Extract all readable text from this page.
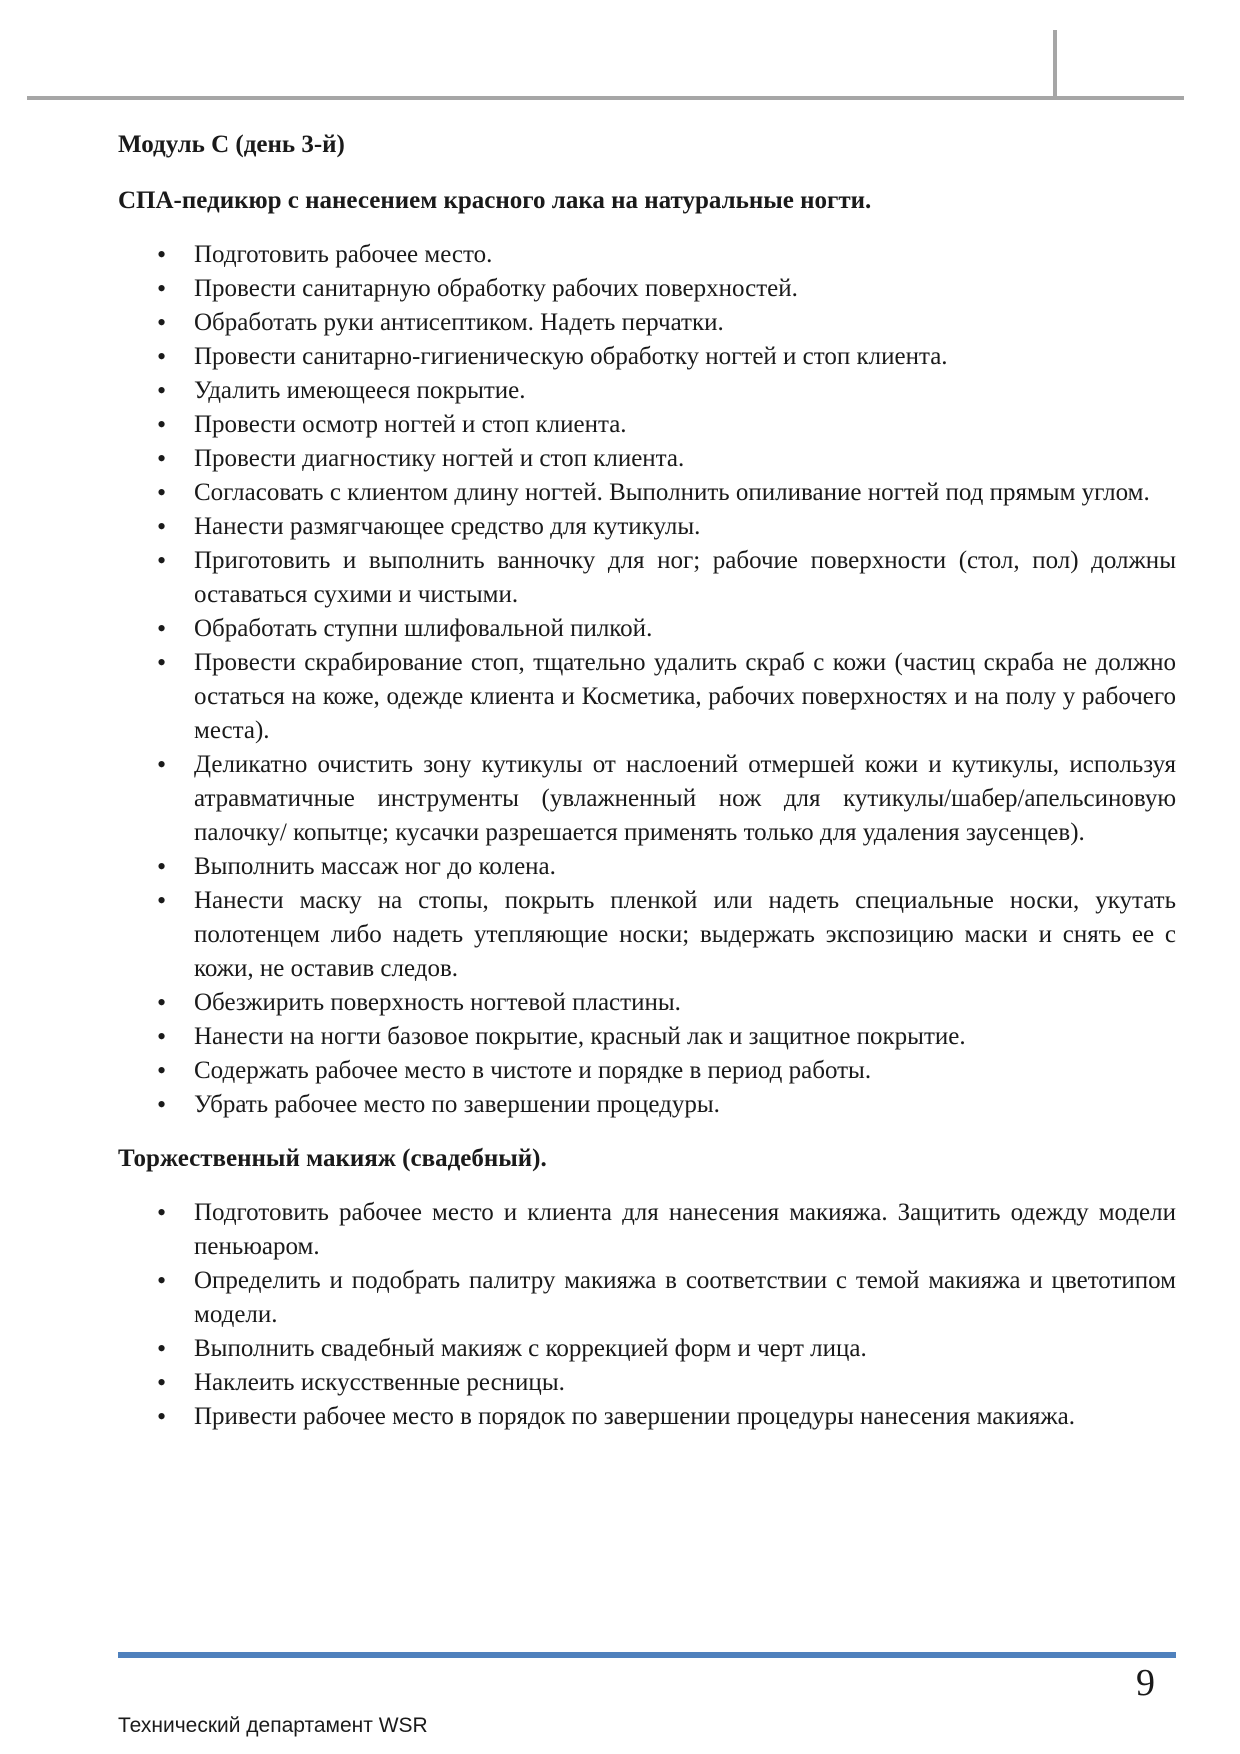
Модуль С (день 3-й)

СПА-педикюр с нанесением красного лака на натуральные ногти.

• Подготовить рабочее место.
• Провести санитарную обработку рабочих поверхностей.
• Обработать руки антисептиком. Надеть перчатки.
• Провести санитарно-гигиеническую обработку ногтей и стоп клиента.
• Удалить имеющееся покрытие.
• Провести осмотр ногтей и стоп клиента.
• Провести диагностику ногтей и стоп клиента.
• Согласовать с клиентом длину ногтей. Выполнить опиливание ногтей под прямым углом.
• Нанести размягчающее средство для кутикулы.
• Приготовить и выполнить ванночку для ног; рабочие поверхности (стол, пол) должны оставаться сухими и чистыми.
• Обработать ступни шлифовальной пилкой.
• Провести скрабирование стоп, тщательно удалить скраб с кожи (частиц скраба не должно остаться на коже, одежде клиента и Косметика, рабочих поверхностях и на полу у рабочего места).
• Деликатно очистить зону кутикулы от наслоений отмершей кожи и кутикулы, используя атравматичные инструменты (увлажненный нож для кутикулы/шабер/апельсиновую палочку/ копытце; кусачки разрешается применять только для удаления заусенцев).
• Выполнить массаж ног до колена.
• Нанести маску на стопы, покрыть пленкой или надеть специальные носки, укутать полотенцем либо надеть утепляющие носки; выдержать экспозицию маски и снять ее с кожи, не оставив следов.
• Обезжирить поверхность ногтевой пластины.
• Нанести на ногти базовое покрытие, красный лак и защитное покрытие.
• Содержать рабочее место в чистоте и порядке в период работы.
• Убрать рабочее место по завершении процедуры.

Торжественный макияж (свадебный).

• Подготовить рабочее место и клиента для нанесения макияжа. Защитить одежду модели пеньюаром.
• Определить и подобрать палитру макияжа в соответствии с темой макияжа и цветотипом модели.
• Выполнить свадебный макияж с коррекцией форм и черт лица.
• Наклеить искусственные ресницы.
• Привести рабочее место в порядок по завершении процедуры нанесения макияжа.
9
Технический департамент WSR
